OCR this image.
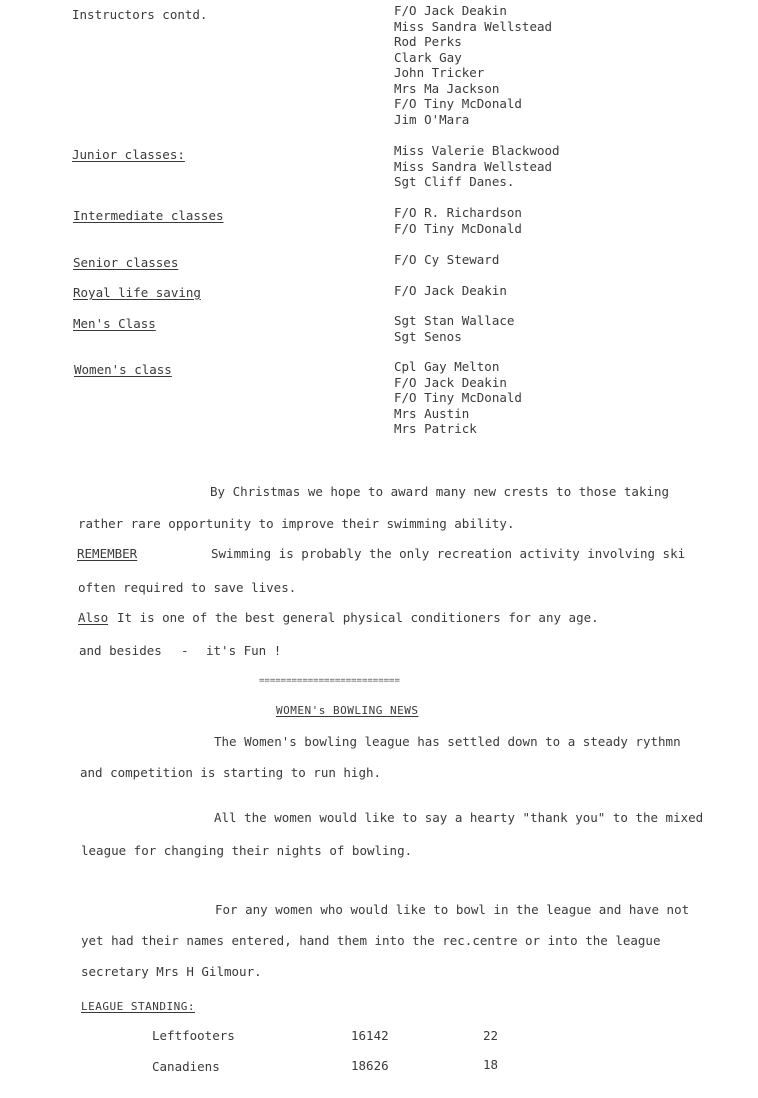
Instructors contd.	F/O Jack Deakin
Miss Sandra Wellstead
Rod Perks
Clark Gay
John Tricker
Mrs Ma Jackson
F/O Tiny McDonald
Jim O'Mara
Junior classes:	Miss Valerie Blackwood
Miss Sandra Wellstead
Sgt Cliff Danes.
Intermediate classes	F/O R. Richardson
F/O Tiny McDonald
Senior classes	F/O Cy Steward
Royal life saving	F/O Jack Deakin
Men's Class	Sgt Stan Wallace
Sgt Senos
Women's class	Cpl Gay Melton
F/O Jack Deakin
F/O Tiny McDonald
Mrs Austin
Mrs Patrick
By Christmas we hope to award many new crests to those taking
rather rare opportunity to improve their swimming ability.
REMEMBER	Swimming is probably the only recreation activity involving ski
often required to save lives.
Also It is one of the best general physical conditioners for any age.
and besides - it's Fun !
==========================
WOMEN's BOWLING NEWS
The Women's bowling league has settled down to a steady rythmn
and competition is starting to run high.
All the women would like to say a hearty "thank you" to the mixed
league for changing their nights of bowling.
For any women who would like to bowl in the league and have not
yet had their names entered, hand them into the rec.centre or into the league
secretary Mrs H Gilmour.
LEAGUE STANDING:
Leftfooters	16142	22
Canadiens	18626	18
